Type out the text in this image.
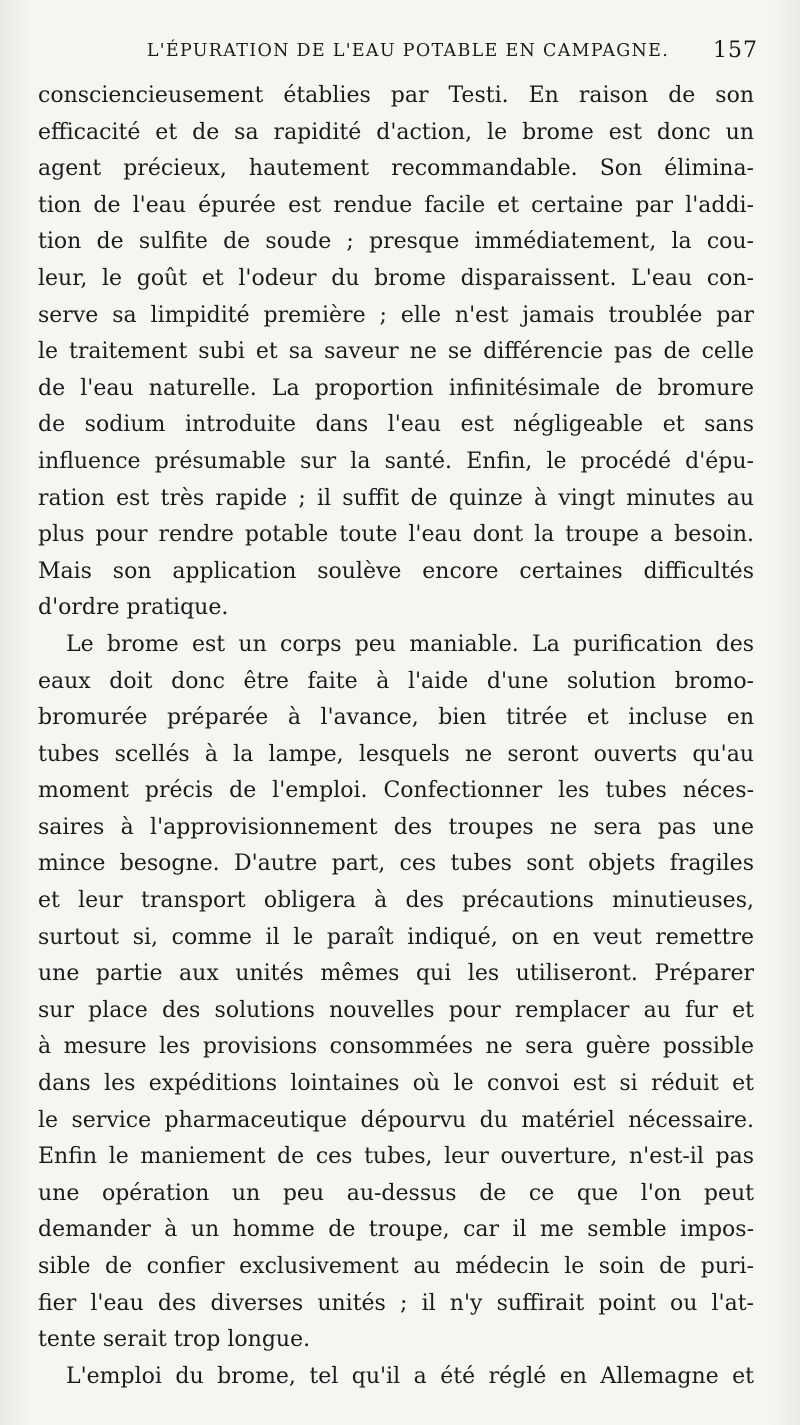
L'ÉPURATION DE L'EAU POTABLE EN CAMPAGNE.	157
consciencieusement établies par Testi. En raison de son
efficacité et de sa rapidité d'action, le brome est donc un
agent précieux, hautement recommandable. Son élimina-
tion de l'eau épurée est rendue facile et certaine par l'addi-
tion de sulfite de soude ; presque immédiatement, la cou-
leur, le goût et l'odeur du brome disparaissent. L'eau con-
serve sa limpidité première ; elle n'est jamais troublée par
le traitement subi et sa saveur ne se différencie pas de celle
de l'eau naturelle. La proportion infinitésimale de bromure
de sodium introduite dans l'eau est négligeable et sans
influence présumable sur la santé. Enfin, le procédé d'épu-
ration est très rapide ; il suffit de quinze à vingt minutes au
plus pour rendre potable toute l'eau dont la troupe a besoin.
Mais son application soulève encore certaines difficultés
d'ordre pratique.
Le brome est un corps peu maniable. La purification des
eaux doit donc être faite à l'aide d'une solution bromo-
bromurée préparée à l'avance, bien titrée et incluse en
tubes scellés à la lampe, lesquels ne seront ouverts qu'au
moment précis de l'emploi. Confectionner les tubes néces-
saires à l'approvisionnement des troupes ne sera pas une
mince besogne. D'autre part, ces tubes sont objets fragiles
et leur transport obligera à des précautions minutieuses,
surtout si, comme il le paraît indiqué, on en veut remettre
une partie aux unités mêmes qui les utiliseront. Préparer
sur place des solutions nouvelles pour remplacer au fur et
à mesure les provisions consommées ne sera guère possible
dans les expéditions lointaines où le convoi est si réduit et
le service pharmaceutique dépourvu du matériel nécessaire.
Enfin le maniement de ces tubes, leur ouverture, n'est-il pas
une opération un peu au-dessus de ce que l'on peut
demander à un homme de troupe, car il me semble impos-
sible de confier exclusivement au médecin le soin de puri-
fier l'eau des diverses unités ; il n'y suffirait point ou l'at-
tente serait trop longue.
L'emploi du brome, tel qu'il a été réglé en Allemagne et
